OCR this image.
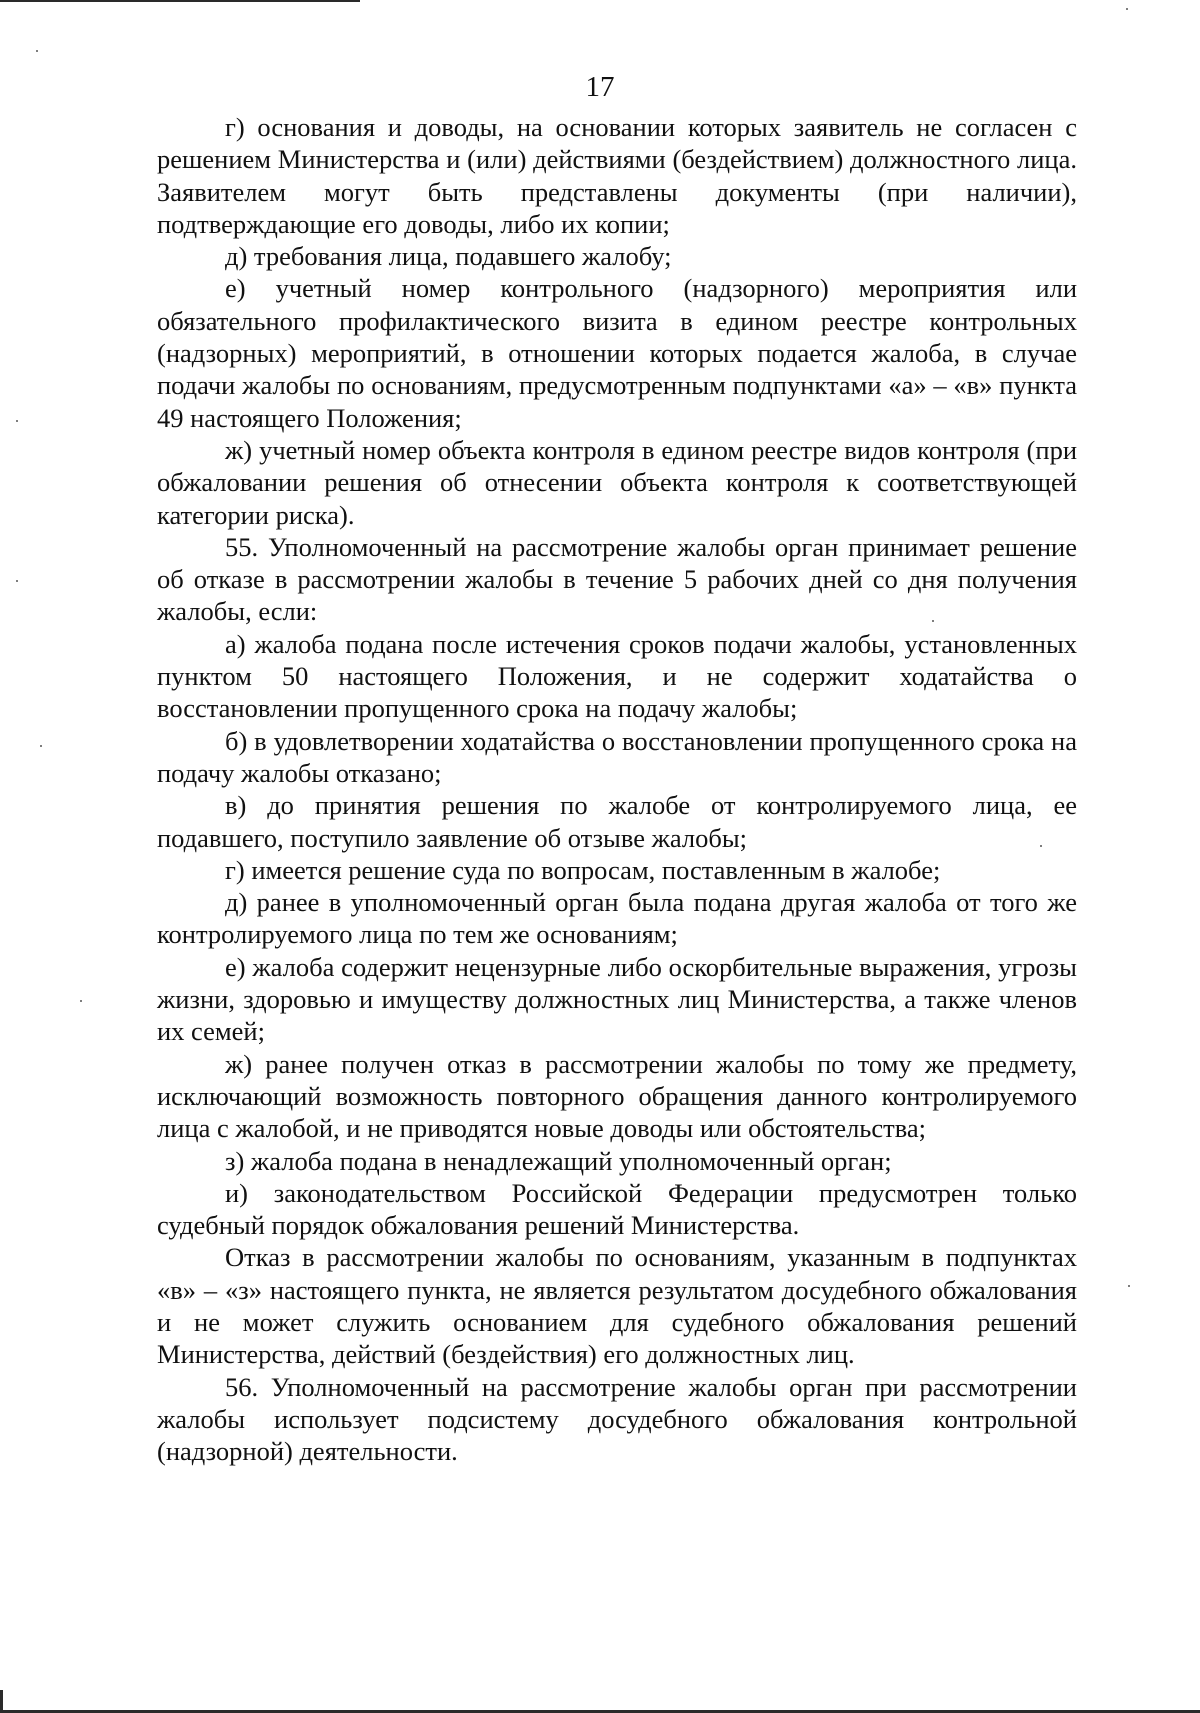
17

г) основания и доводы, на основании которых заявитель не согласен с решением Министерства и (или) действиями (бездействием) должностного лица. Заявителем могут быть представлены документы (при наличии), подтверждающие его доводы, либо их копии;

д) требования лица, подавшего жалобу;

е) учетный номер контрольного (надзорного) мероприятия или обязательного профилактического визита в едином реестре контрольных (надзорных) мероприятий, в отношении которых подается жалоба, в случае подачи жалобы по основаниям, предусмотренным подпунктами «а» – «в» пункта 49 настоящего Положения;

ж) учетный номер объекта контроля в едином реестре видов контроля (при обжаловании решения об отнесении объекта контроля к соответствующей категории риска).

55. Уполномоченный на рассмотрение жалобы орган принимает решение об отказе в рассмотрении жалобы в течение 5 рабочих дней со дня получения жалобы, если:

а) жалоба подана после истечения сроков подачи жалобы, установленных пунктом 50 настоящего Положения, и не содержит ходатайства о восстановлении пропущенного срока на подачу жалобы;

б) в удовлетворении ходатайства о восстановлении пропущенного срока на подачу жалобы отказано;

в) до принятия решения по жалобе от контролируемого лица, ее подавшего, поступило заявление об отзыве жалобы;

г) имеется решение суда по вопросам, поставленным в жалобе;

д) ранее в уполномоченный орган была подана другая жалоба от того же контролируемого лица по тем же основаниям;

е) жалоба содержит нецензурные либо оскорбительные выражения, угрозы жизни, здоровью и имуществу должностных лиц Министерства, а также членов их семей;

ж) ранее получен отказ в рассмотрении жалобы по тому же предмету, исключающий возможность повторного обращения данного контролируемого лица с жалобой, и не приводятся новые доводы или обстоятельства;

з) жалоба подана в ненадлежащий уполномоченный орган;

и) законодательством Российской Федерации предусмотрен только судебный порядок обжалования решений Министерства.

Отказ в рассмотрении жалобы по основаниям, указанным в подпунктах «в» – «з» настоящего пункта, не является результатом досудебного обжалования и не может служить основанием для судебного обжалования решений Министерства, действий (бездействия) его должностных лиц.

56. Уполномоченный на рассмотрение жалобы орган при рассмотрении жалобы использует подсистему досудебного обжалования контрольной (надзорной) деятельности.
